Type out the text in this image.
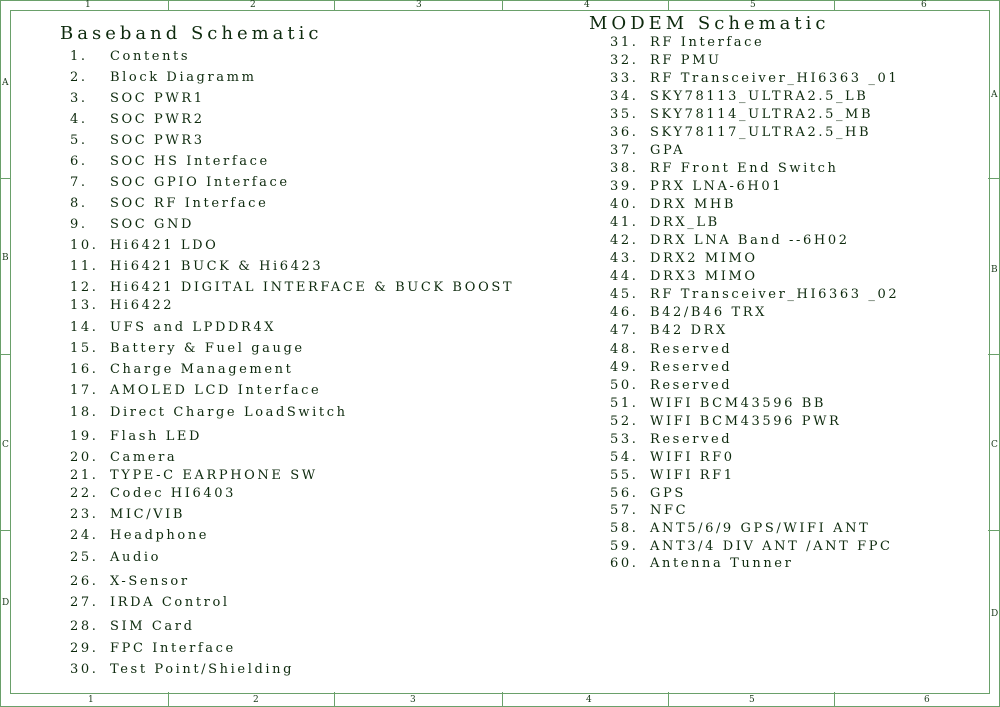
1	2	3	4	5	6
1	2	3	4	5	6
A
B
C
D
A
B
C
D
Baseband Schematic	MODEM Schematic
1. Contents
2. Block Diagramm
3. SOC PWR1
4. SOC PWR2
5. SOC PWR3
6. SOC HS Interface
7. SOC GPIO Interface
8. SOC RF Interface
9. SOC GND
10. Hi6421 LDO
11. Hi6421 BUCK & Hi6423
12. Hi6421 DIGITAL INTERFACE & BUCK BOOST
13. Hi6422
14. UFS and LPDDR4X
15. Battery & Fuel gauge
16. Charge Management
17. AMOLED LCD Interface
18. Direct Charge LoadSwitch
19. Flash LED
20. Camera
21. TYPE-C EARPHONE SW
22. Codec HI6403
23. MIC/VIB
24. Headphone
25. Audio
26. X-Sensor
27. IRDA Control
28. SIM Card
29. FPC Interface
30. Test Point/Shielding
31. RF Interface
32. RF PMU
33. RF Transceiver_HI6363 _01
34. SKY78113_ULTRA2.5_LB
35. SKY78114_ULTRA2.5_MB
36. SKY78117_ULTRA2.5_HB
37. GPA
38. RF Front End Switch
39. PRX LNA-6H01
40. DRX MHB
41. DRX_LB
42. DRX LNA Band --6H02
43. DRX2 MIMO
44. DRX3 MIMO
45. RF Transceiver_HI6363 _02
46. B42/B46 TRX
47. B42 DRX
48. Reserved
49. Reserved
50. Reserved
51. WIFI BCM43596 BB
52. WIFI BCM43596 PWR
53. Reserved
54. WIFI RF0
55. WIFI RF1
56. GPS
57. NFC
58. ANT5/6/9 GPS/WIFI ANT
59. ANT3/4 DIV ANT /ANT FPC
60. Antenna Tunner
